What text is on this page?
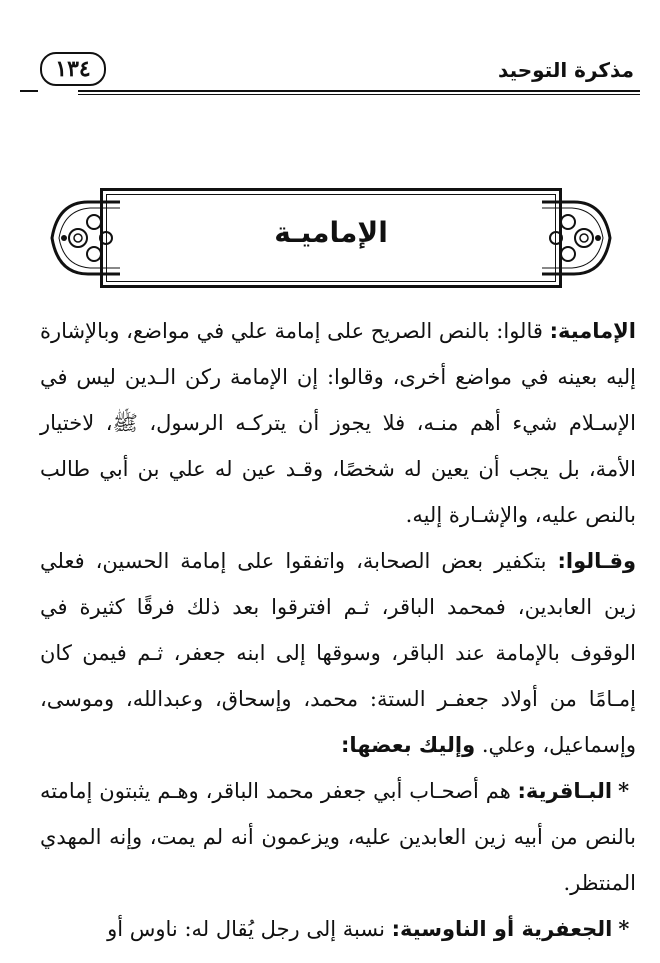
مذكرة التوحيد
١٣٤
الإماميـة

الإمامية: قالوا: بالنص الصريح على إمامة علي في مواضع، وبالإشارة إليه بعينه في مواضع أخرى، وقالوا: إن الإمامة ركن الـدين ليس في الإسـلام شيء أهم منـه، فلا يجوز أن يتركـه الرسول، ﷺ، لاختيار الأمة، بل يجب أن يعين له شخصًا، وقـد عين له علي بن أبي طالب بالنص عليه، والإشـارة إليه.

وقـالوا: بتكفير بعض الصحابة، واتفقوا على إمامة الحسين، فعلي زين العابدين، فمحمد الباقر، ثـم افترقوا بعد ذلك فرقًا كثيرة في الوقوف بالإمامة عند الباقر، وسوقها إلى ابنه جعفر، ثـم فيمن كان إمـامًا من أولاد جعفـر الستة: محمد، وإسحاق، وعبدالله، وموسى، وإسماعيل، وعلي. وإليك بعضها:

*البـاقرية: هم أصحـاب أبي جعفر محمد الباقر، وهـم يثبتون إمامته بالنص من أبيه زين العابدين عليه، ويزعمون أنه لم يمت، وإنه المهدي المنتظر.

*الجعفرية أو الناوسية: نسبة إلى رجل يُقال له: ناوس أو
